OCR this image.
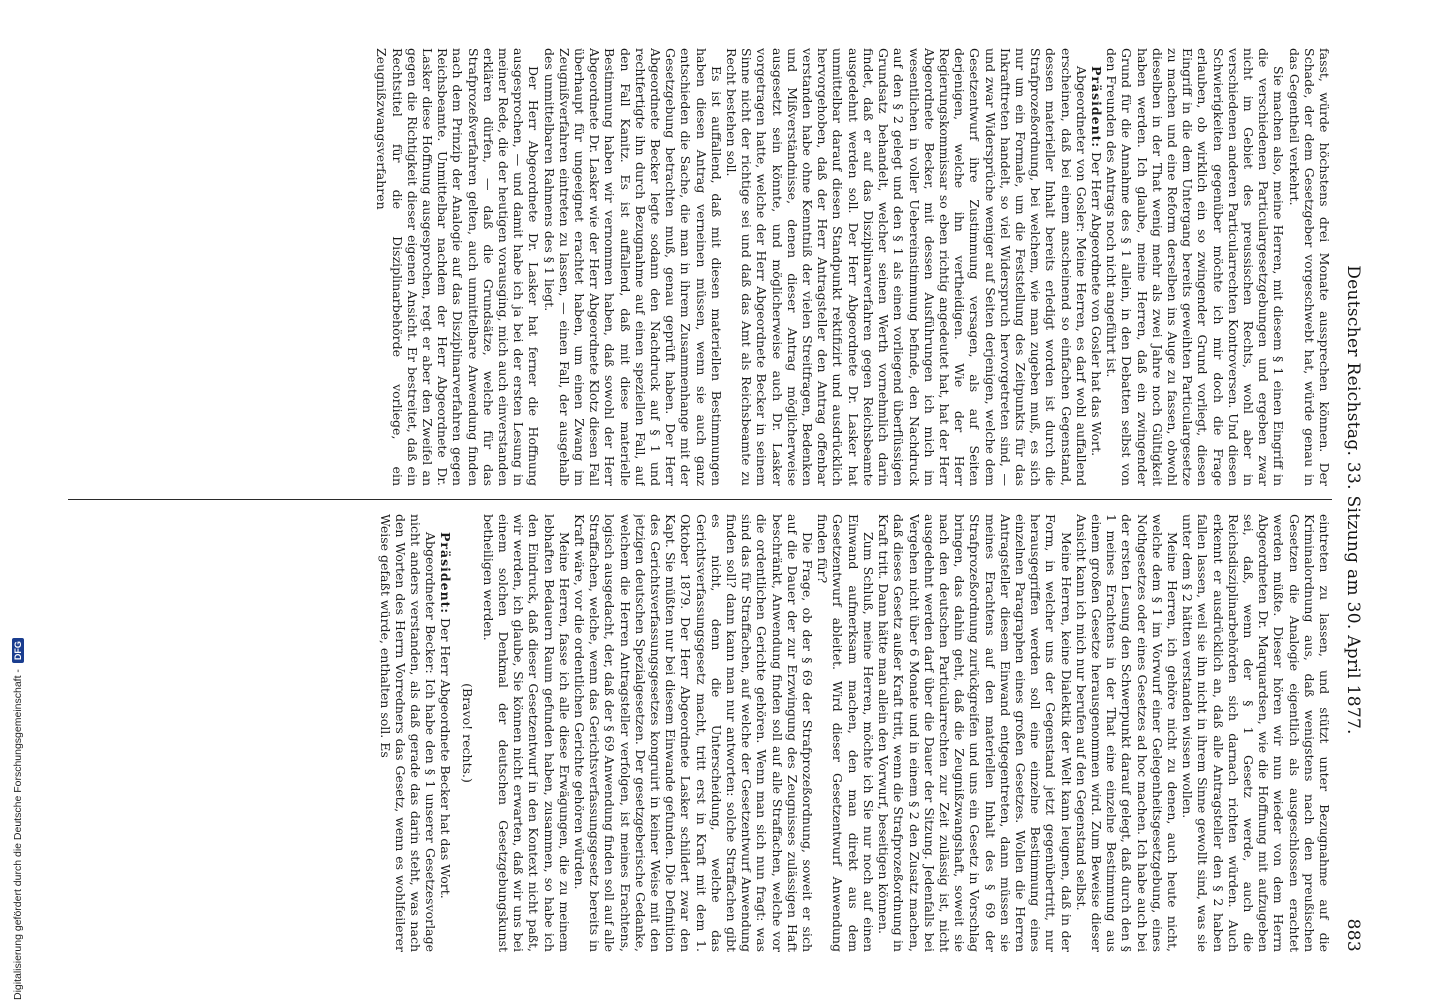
Deutscher Reichstag. 33. Sitzung am 30. April 1877.
883

fasst, würde höchstens drei Monate aussprechen können. Der Schade, der dem Gesetzgeber vorgeschwebt hat, würde genau in das Gegentheil verkehrt.

Sie machen also, meine Herren, mit diesem § 1 einen Eingriff in die verschiedenen Particulargesetzgebungen und ergeben zwar nicht im Gebiet des preussischen Rechts, wohl aber in verschiedenen anderen Particularrechten Kontroversen. Und diesen Schwierigkeiten gegenüber möchte ich mir doch die Frage erlauben, ob wirklich ein so zwingender Grund vorliegt, diesen Eingriff in die dem Untergang bereits geweihten Particulargesetze zu machen und eine Reform derselben ins Auge zu fassen, obwohl dieselben in der That wenig mehr als zwei Jahre noch Gültigkeit haben werden. Ich glaube, meine Herren, daß ein zwingender Grund für die Annahme des § 1 allein, in den Debatten selbst von den Freunden des Antrags noch nicht angeführt ist.

Präsident: Der Herr Abgeordnete von Gosler hat das Wort.

Abgeordneter von Gosler: Meine Herren, es darf wohl auffallend erscheinen, daß bei einem anscheinend so einfachen Gegenstand, dessen materieller Inhalt bereits erledigt worden ist durch die Strafprozeßordnung, bei welchem, wie man zugeben muß, es sich nur um ein Formale, um die Feststellung des Zeitpunkts für das Inkrafttreten handelt, so viel Widerspruch hervorgetreten sind, — und zwar Widersprüche weniger auf Seiten derjenigen, welche dem Gesetzentwurf ihre Zustimmung versagen, als auf Seiten derjenigen, welche ihn vertheidigen. Wie der Herr Regierungskommissar so eben richtig angedeutet hat, hat der Herr Abgeordnete Becker, mit dessen Ausführungen ich mich im wesentlichen in voller Uebereinstimmung befinde, den Nachdruck auf den § 2 gelegt und den § 1 als einen vorliegend überflüssigen Grundsatz behandelt, welcher seinen Werth vornehmlich darin findet, daß er auf das Disziplinarverfahren gegen Reichsbeamte ausgedehnt werden soll. Der Herr Abgeordnete Dr. Lasker hat unmittelbar darauf diesen Standpunkt rektifizirt und ausdrücklich hervorgehoben, daß der Herr Antragsteller den Antrag offenbar verstanden habe ohne Kenntniß der vielen Streitfragen, Bedenken und Mißverständnisse, denen dieser Antrag möglicherweise ausgesetzt sein könnte, und möglicherweise auch Dr. Lasker vorgetragen hatte, welche der Herr Abgeordnete Becker in seinem Sinne nicht der richtige sei und daß das Amt als Reichsbeamte zu Recht bestehen soll.

Es ist auffallend, daß mit diesen materiellen Bestimmungen haben diesen Antrag verneinen müssen, wenn sie auch ganz entschieden die Sache, die man in ihrem Zusammenhange mit der Gesetzgebung betrachten muß, genau geprüft haben. Der Herr Abgeordnete Becker legte sodann den Nachdruck auf § 1 und rechtfertigte ihn durch Bezugnahme auf einen speziellen Fall, auf den Fall Kanitz. Es ist auffallend, daß mit diese materielle Bestimmung haben wir vernommen haben, daß sowohl der Herr Abgeordnete Dr. Lasker wie der Herr Abgeordnete Klotz diesen Fall überhaupt für ungeeignet erachtet haben, um einen Zwang im Zeugnißverfahren eintreten zu lassen, — einen Fall, der ausgehalb des unmittelbaren Rahmens des § 1 liegt.

Der Herr Abgeordnete Dr. Lasker hat ferner die Hoffnung ausgesprochen, — und damit habe ich ja bei der ersten Lesung in meiner Rede, die der heutigen vorausging, mich auch einverstanden erklären dürfen, — daß die Grundsätze, welche für das Strafprozeßverfahren gelten, auch unmittelbare Anwendung finden nach dem Prinzip der Analogie auf das Disziplinarverfahren gegen Reichsbeamte. Unmittelbar nachdem der Herr Abgeordnete Dr. Lasker diese Hoffnung ausgesprochen, regt er aber den Zweifel an gegen die Richtigkeit dieser eigenen Ansicht. Er bestreitet, daß ein Rechtstitel für die Disziplinarbehörde vorliege, ein Zeugnißzwangsverfahren

eintreten zu lassen, und stützt unter Bezugnahme auf die Kriminalordnung aus, daß wenigstens nach den preußischen Gesetzen die Analogie eigentlich als ausgeschlossen erachtet werden müßte. Dieser hören wir nun wieder von dem Herrn Abgeordneten Dr. Marquardsen, wie die Hoffnung mit aufzugeben sei, daß, wenn der § 1 Gesetz werde, auch die Reichsdisziplinarbehörden sich darnach richten würden. Auch erkennt er ausdrücklich an, daß alle Antragsteller den § 2 haben fallen lassen, weil sie ihn nicht in ihrem Sinne gewollt sind, was sie unter dem § 2 hätten verstanden wissen wollen.

Meine Herren, ich gehöre nicht zu denen, auch heute nicht, welche dem § 1 im Vorwurf einer Gelegenheitsgesetzgebung, eines Nothgesetzes oder eines Gesetzes ad hoc machen. Ich habe auch bei der ersten Lesung den Schwerpunkt darauf gelegt, daß durch den § 1 meines Erachtens in der That eine einzelne Bestimmung aus einem großen Gesetze herausgenommen wird. Zum Beweise dieser Ansicht kann ich mich nur berufen auf den Gegenstand selbst.

Meine Herren, keine Dialektik der Welt kann leugnen, daß in der Form, in welcher uns der Gegenstand jetzt gegenübertritt, nur herausgegriffen werden soll eine einzelne Bestimmung eines einzelnen Paragraphen eines großen Gesetzes. Wollen die Herren Antragsteller diesem Einwand entgegentreten, dann müssen sie meines Erachtens auf den materiellen Inhalt des § 69 der Strafprozeßordnung zurückgreifen und uns ein Gesetz in Vorschlag bringen, das dahin geht, daß die Zeugnißzwangshaft, soweit sie nach den deutschen Particularrechten zur Zeit zulässig ist, nicht ausgedehnt werden darf über die Dauer der Sitzung. Jedenfalls bei Vergehen nicht über 6 Monate und in einem § 2 den Zusatz machen, daß dieses Gesetz außer Kraft tritt, wenn die Strafprozeßordnung in Kraft tritt. Dann hätte man allein den Vorwurf, beseitigen können.

Zum Schluß, meine Herren, möchte ich Sie nur noch auf einen Einwand aufmerksam machen, den man direkt aus dem Gesetzentwurf ableitet. Wird dieser Gesetzentwurf Anwendung finden für?

Die Frage, ob der § 69 der Strafprozeßordnung, soweit er sich auf die Dauer der zur Erzwingung des Zeugnisses zulässigen Haft beschränkt, Anwendung finden soll auf alle Straffachen, welche vor die ordentlichen Gerichte gehören. Wenn man sich nun fragt: was sind das für Straffachen, auf welche der Gesetzentwurf Anwendung finden soll? dann kann man nur antworten: solche Straffachen gibt es nicht, denn die Unterscheidung, welche das Gerichtsverfassungsgesetz macht, tritt erst in Kraft mit dem 1. Oktober 1879. Der Herr Abgeordnete Lasker schildert zwar den Kapt. Sie müßten nur bei diesem Einwande gefunden. Die Definition des Gerichtsverfassungsgesetzes kongruirt in keiner Weise mit den jetzigen deutschen Spezialgesetzen. Der gesetzgeberische Gedanke, welchem die Herren Antragsteller verfolgen, ist meines Erachtens, logisch ausgedacht, der, daß der § 69 Anwendung finden soll auf alle Straffachen, welche, wenn das Gerichtsverfassungsgesetz bereits in Kraft wäre, vor die ordentlichen Gerichte gehören würden.

Meine Herren, fasse ich alle diese Erwägungen, die zu meinem lebhaften Bedauern Raum gefunden haben, zusammen, so habe ich den Eindruck, daß dieser Gesetzentwurf in den Kontext nicht paßt, wir werden, ich glaube, Sie können nicht erwarten, daß wir uns bei einem solchen Denkmal der deutschen Gesetzgebungskunst betheiligen werden.

(Bravo! rechts.)

Präsident: Der Herr Abgeordnete Becker hat das Wort.

Abgeordneter Becker: Ich habe den § 1 unserer Gesetzesvorlage nicht anders verstanden, als daß gerade das darin steht, was nach den Worten des Herrn Vorredners das Gesetz, wenn es wohlfeilerer Weise gefaßt würde, enthalten soll. Es

Digitalisierung gefördert durch die Deutsche Forschungsgemeinschaft -
DFG
